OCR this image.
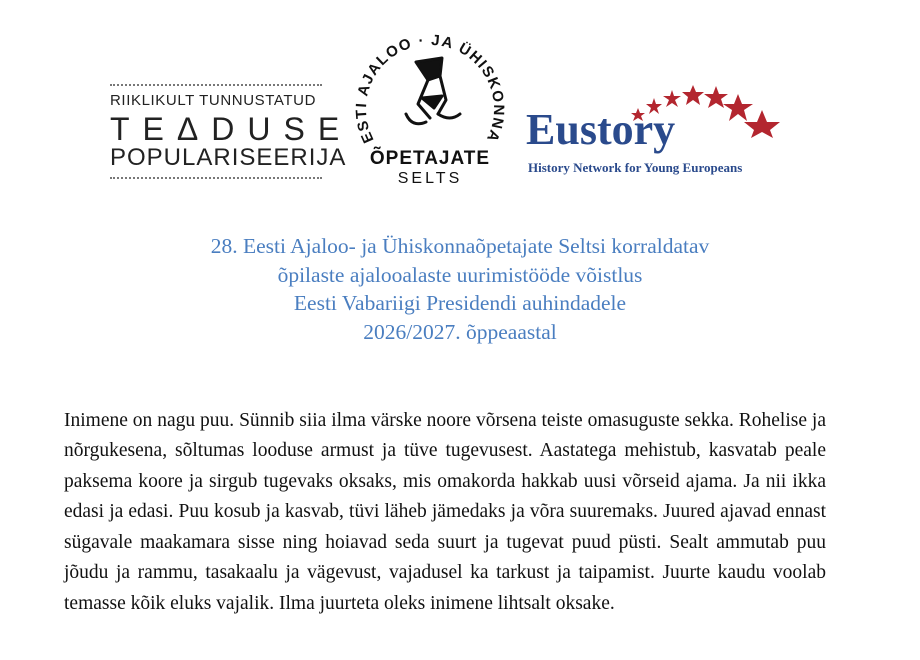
RIIKLIKULT TUNNUSTATUD
TEΔDUSE
POPULARISEERIJA
ESTI AJALOO · JA ÜHISKONNA
ÕPETAJATE
SELTS
Eustory
History Network for Young Europeans
28. Eesti Ajaloo- ja Ühiskonnaõpetajate Seltsi korraldatav
õpilaste ajalooalaste uurimistööde võistlus
Eesti Vabariigi Presidendi auhindadele
2026/2027. õppeaastal

Inimene on nagu puu. Sünnib siia ilma värske noore võrsena teiste omasuguste sekka. Rohelise ja nõrgukesena, sõltumas looduse armust ja tüve tugevusest. Aastatega mehistub, kasvatab peale paksema koore ja sirgub tugevaks oksaks, mis omakorda hakkab uusi võrseid ajama. Ja nii ikka edasi ja edasi. Puu kosub ja kasvab, tüvi läheb jämedaks ja võra suuremaks. Juured ajavad ennast sügavale maakamara sisse ning hoiavad seda suurt ja tugevat puud püsti. Sealt ammutab puu jõudu ja rammu, tasakaalu ja vägevust, vajadusel ka tarkust ja taipamist. Juurte kaudu voolab temasse kõik eluks vajalik. Ilma juurteta oleks inimene lihtsalt oksake.
